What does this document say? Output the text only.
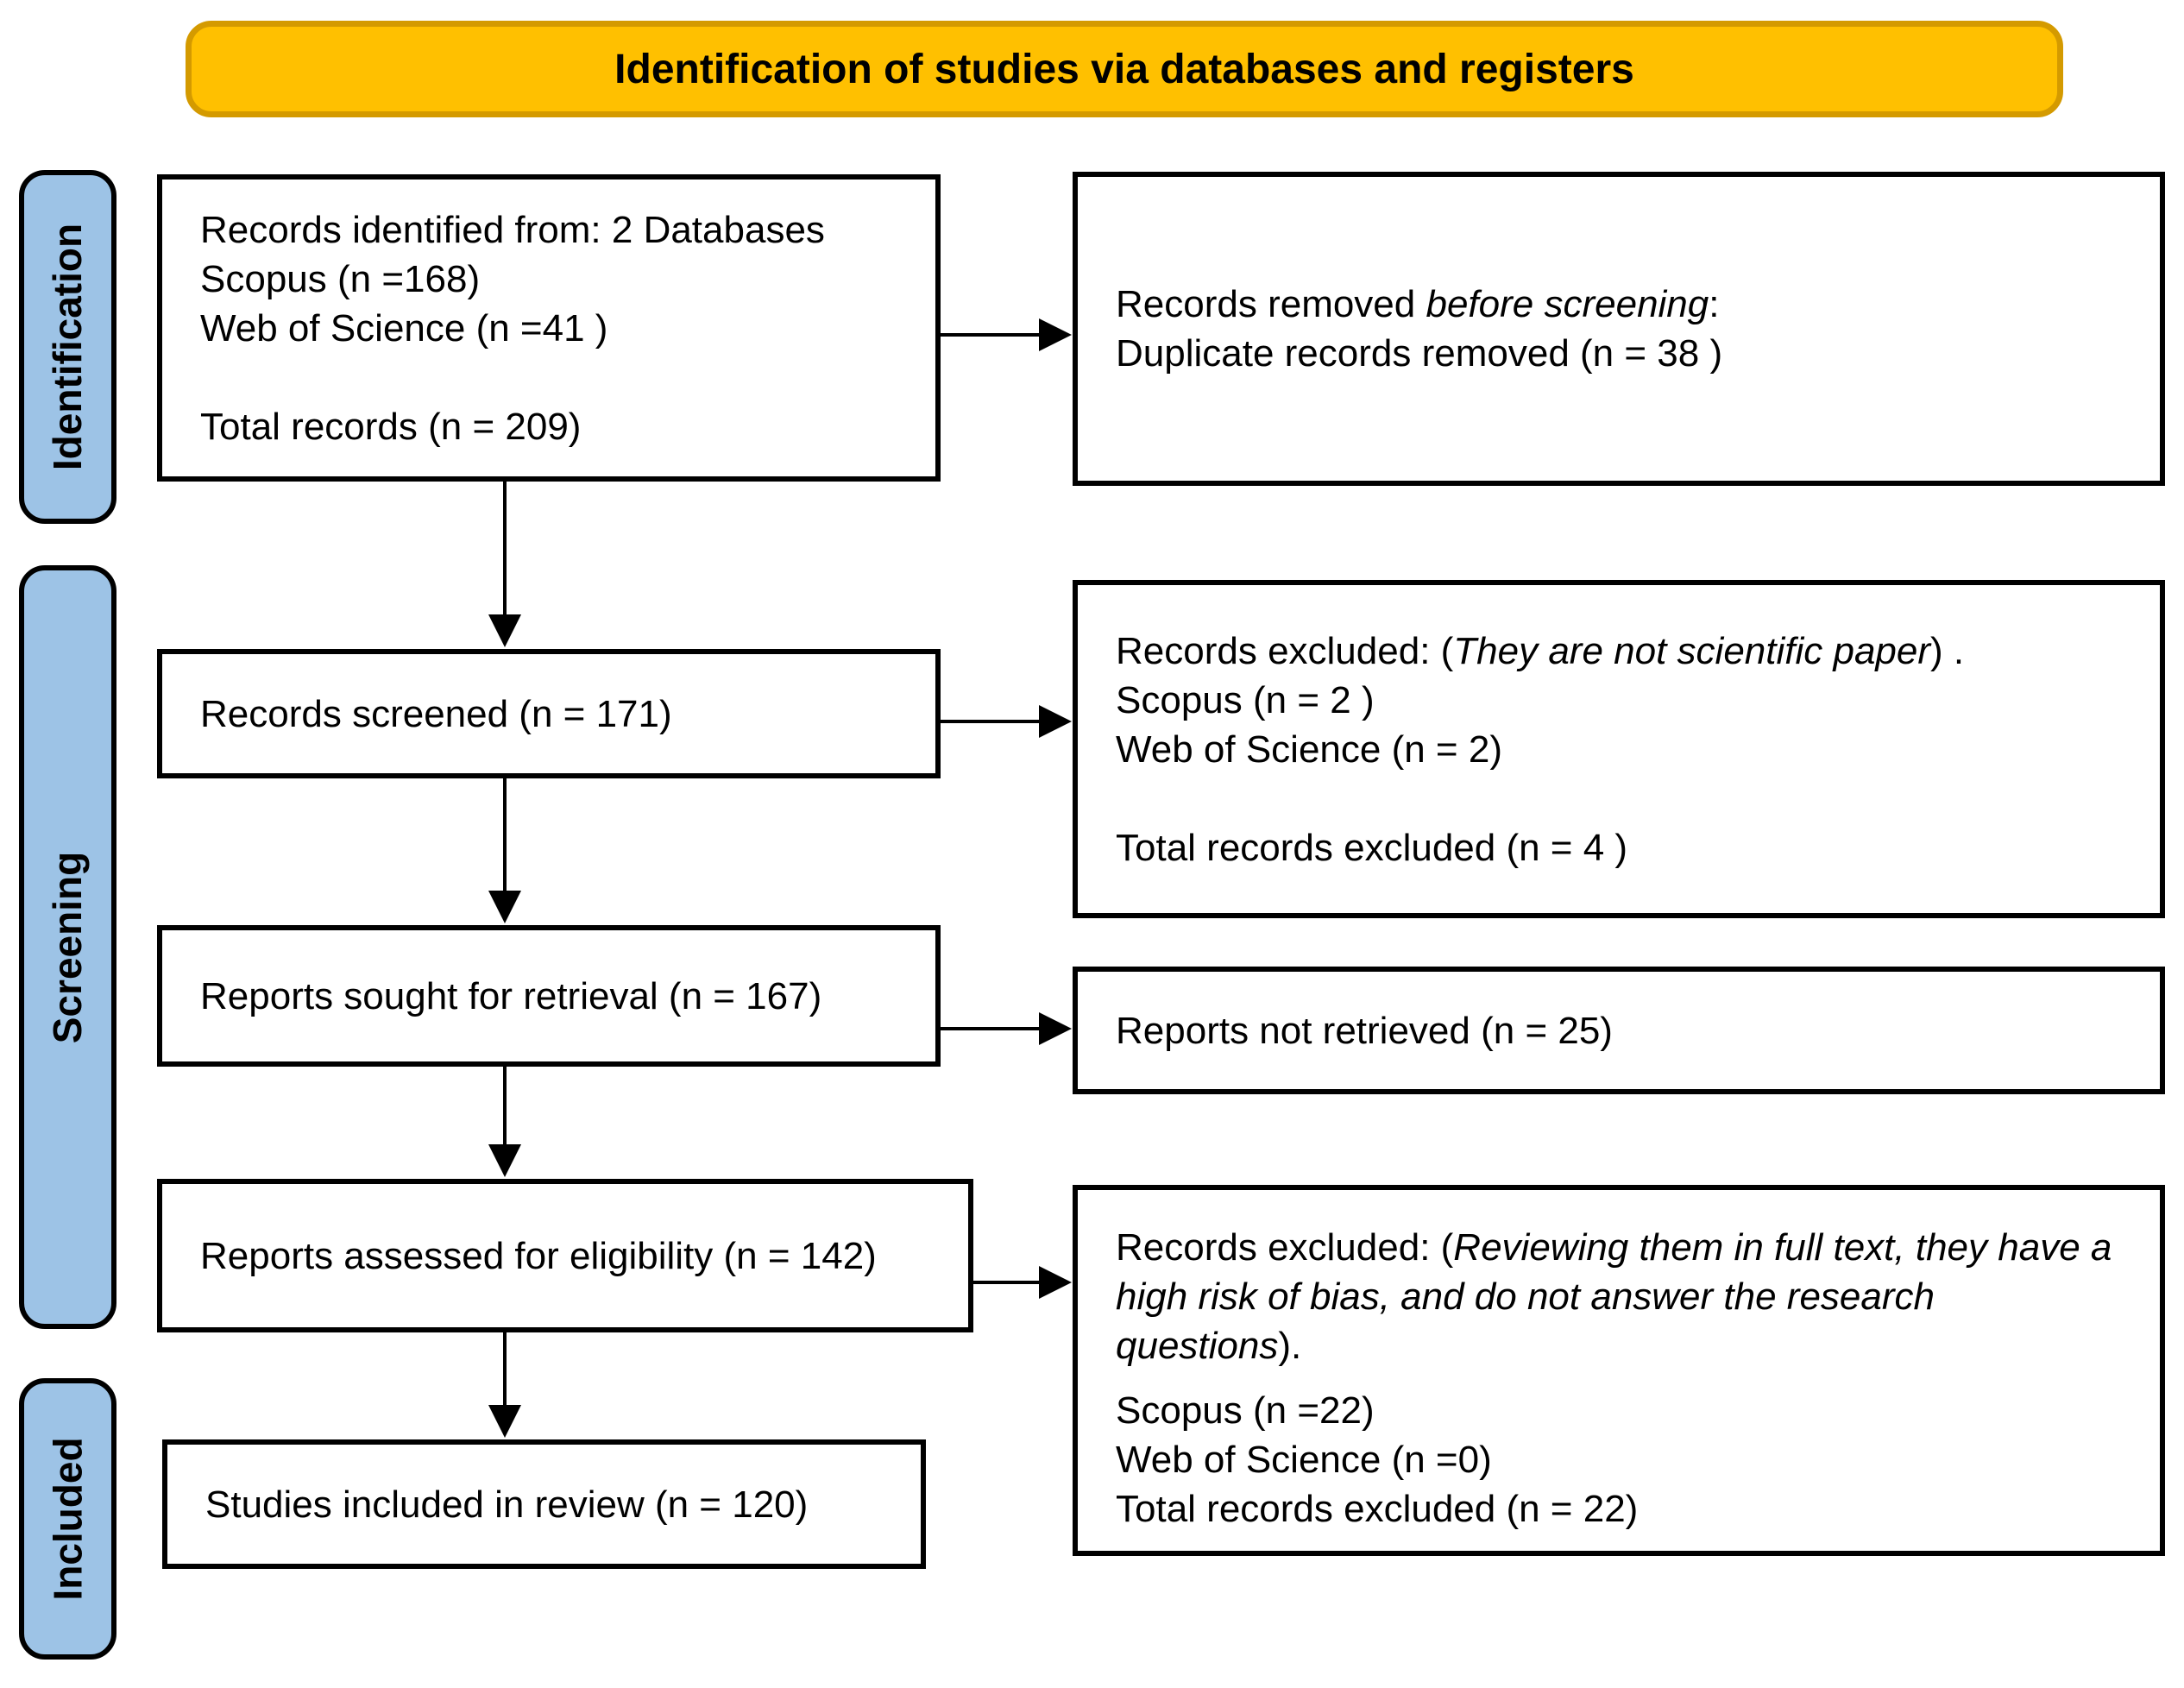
Identification of studies via databases and registers
Identification
Screening
Included
Records identified from: 2 Databases
Scopus (n =168)
Web of Science (n =41 )

Total records (n = 209)
Records removed before screening:
Duplicate records removed (n = 38 )
Records screened (n = 171)
Records excluded: (They are not scientific paper) .
Scopus (n = 2 )
Web of Science (n = 2)

Total records excluded (n = 4 )
Reports sought for retrieval (n = 167)
Reports not retrieved (n = 25)
Reports assessed for eligibility (n = 142)	Records excluded: (Reviewing them in full text, they have a high risk of bias, and do not answer the research questions).

Scopus (n =22)
Web of Science (n =0)
Total records excluded (n = 22)
Studies included in review (n = 120)
